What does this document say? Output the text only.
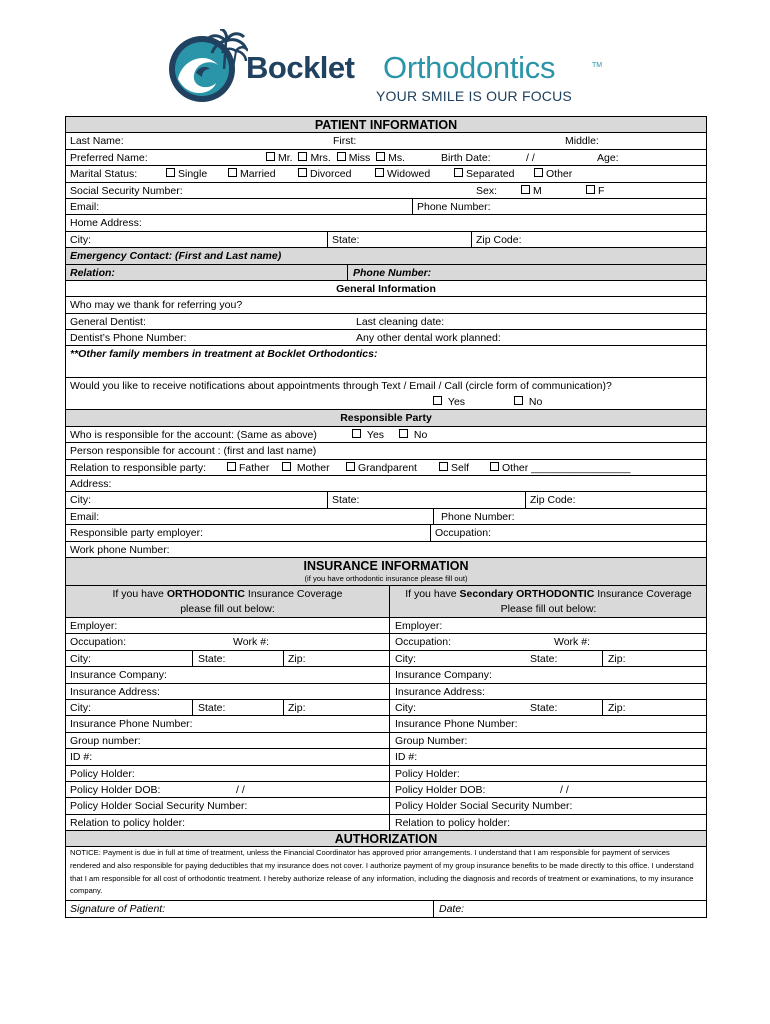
Bocklet Orthodontics	TM
YOUR SMILE IS OUR FOCUS
PATIENT INFORMATION
Last Name:	First:	Middle:
Preferred Name:	Mr. Mrs. Miss Ms.	Birth Date:	/ /	Age:
Marital Status:	Single	Married	Divorced	Widowed	Separated	Other
Social Security Number:	Sex:	M	F
Email:	Phone Number:
Home Address:
City:	State:	Zip Code:
Emergency Contact: (First and Last name)
Relation:	Phone Number:
General Information
Who may we thank for referring you?
General Dentist:	Last cleaning date:
Dentist’s Phone Number:	Any other dental work planned:
**Other family members in treatment at Bocklet Orthodontics:
Would you like to receive notifications about appointments through Text / Email / Call (circle form of communication)?
Yes	No
Responsible Party
Who is responsible for the account: (Same as above)	Yes	No
Person responsible for account : (first and last name)
Relation to responsible party:	Father	Mother	Grandparent	Self	Other _________________
Address:
City:	State:	Zip Code:
Email:	Phone Number:
Responsible party employer:	Occupation:
Work phone Number:
INSURANCE INFORMATION
(if you have orthodontic insurance please fill out)
If you have ORTHODONTIC Insurance Coverage
please fill out below:
If you have Secondary ORTHODONTIC Insurance Coverage
Please fill out below:
Employer:	Employer:
Occupation:	Work #:	Occupation:	Work #:
City:	State:	Zip:	City:	State:	Zip:
Insurance Company:	Insurance Company:
Insurance Address:	Insurance Address:
City:	State:	Zip:	City:	State:	Zip:
Insurance Phone Number:	Insurance Phone Number:
Group number:	Group Number:
ID #:	ID #:
Policy Holder:	Policy Holder:
Policy Holder DOB:	/ /	Policy Holder DOB:	/ /
Policy Holder Social Security Number:	Policy Holder Social Security Number:
Relation to policy holder:	Relation to policy holder:
AUTHORIZATION
NOTICE: Payment is due in full at time of treatment, unless the Financial Coordinator has approved prior arrangements. I understand that I am responsible for payment of services rendered and also responsible for paying deductibles that my insurance does not cover. I authorize payment of my group insurance benefits to be made directly to this office. I understand that I am responsible for all cost of orthodontic treatment. I hereby authorize release of any information, including the diagnosis and records of treatment or examinations, to my insurance company.
Signature of Patient:	Date:
